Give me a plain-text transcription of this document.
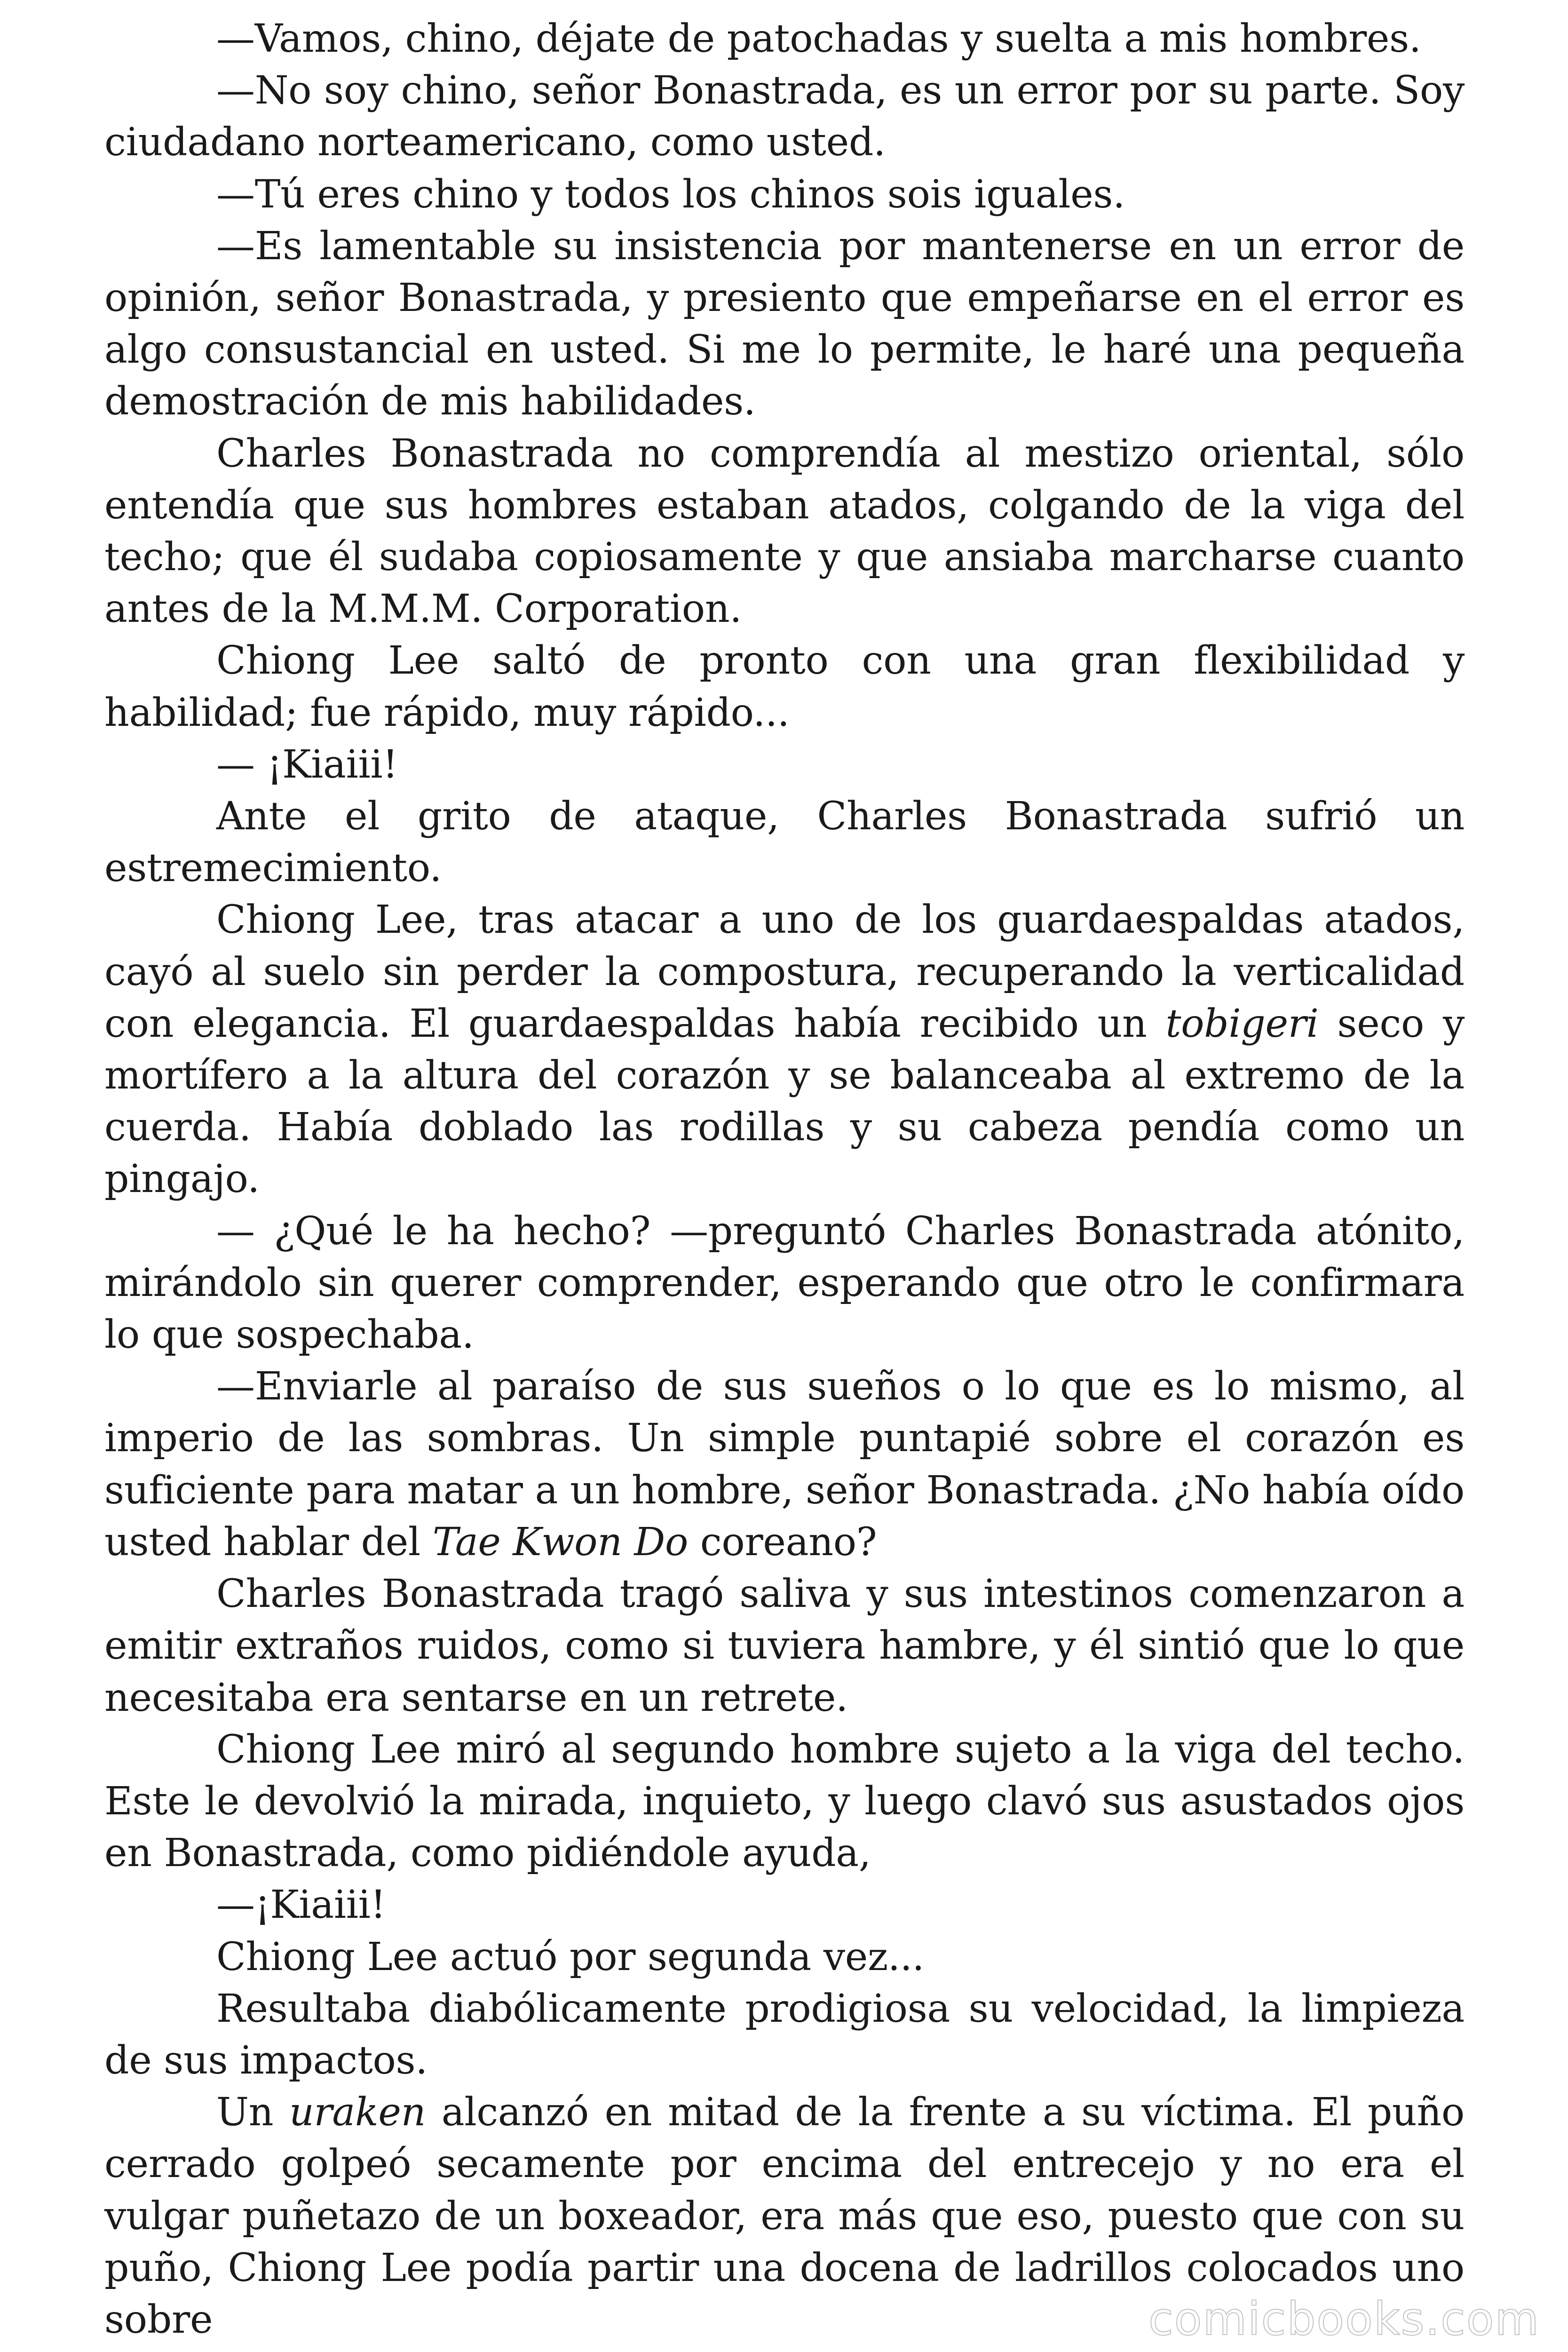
—Vamos, chino, déjate de patochadas y suelta a mis hombres.

—No soy chino, señor Bonastrada, es un error por su parte. Soy ciudadano norteamericano, como usted.

—Tú eres chino y todos los chinos sois iguales.

—Es lamentable su insistencia por mantenerse en un error de opinión, señor Bonastrada, y presiento que empeñarse en el error es algo consustancial en usted. Si me lo permite, le haré una pequeña demostración de mis habilidades.

Charles Bonastrada no comprendía al mestizo oriental, sólo entendía que sus hombres estaban atados, colgando de la viga del techo; que él sudaba copiosamente y que ansiaba marcharse cuanto antes de la M.M.M. Corporation.

Chiong Lee saltó de pronto con una gran flexibilidad y habilidad; fue rápido, muy rápido...

— ¡Kiaiii!

Ante el grito de ataque, Charles Bonastrada sufrió un estremecimiento.

Chiong Lee, tras atacar a uno de los guardaespaldas atados, cayó al suelo sin perder la compostura, recuperando la verticalidad con elegancia. El guardaespaldas había recibido un tobigeri seco y mortífero a la altura del corazón y se balanceaba al extremo de la cuerda. Había doblado las rodillas y su cabeza pendía como un pingajo.

— ¿Qué le ha hecho? —preguntó Charles Bonastrada atónito, mirándolo sin querer comprender, esperando que otro le confirmara lo que sospechaba.

—Enviarle al paraíso de sus sueños o lo que es lo mismo, al imperio de las sombras. Un simple puntapié sobre el corazón es suficiente para matar a un hombre, señor Bonastrada. ¿No había oído usted hablar del Tae Kwon Do coreano?

Charles Bonastrada tragó saliva y sus intestinos comenzaron a emitir extraños ruidos, como si tuviera hambre, y él sintió que lo que necesitaba era sentarse en un retrete.

Chiong Lee miró al segundo hombre sujeto a la viga del techo. Este le devolvió la mirada, inquieto, y luego clavó sus asustados ojos en Bonastrada, como pidiéndole ayuda,

—¡Kiaiii!

Chiong Lee actuó por segunda vez...

Resultaba diabólicamente prodigiosa su velocidad, la limpieza de sus impactos.

Un uraken alcanzó en mitad de la frente a su víctima. El puño cerrado golpeó secamente por encima del entrecejo y no era el vulgar puñetazo de un boxeador, era más que eso, puesto que con su puño, Chiong Lee podía partir una docena de ladrillos colocados uno sobre	comicbooks.com
